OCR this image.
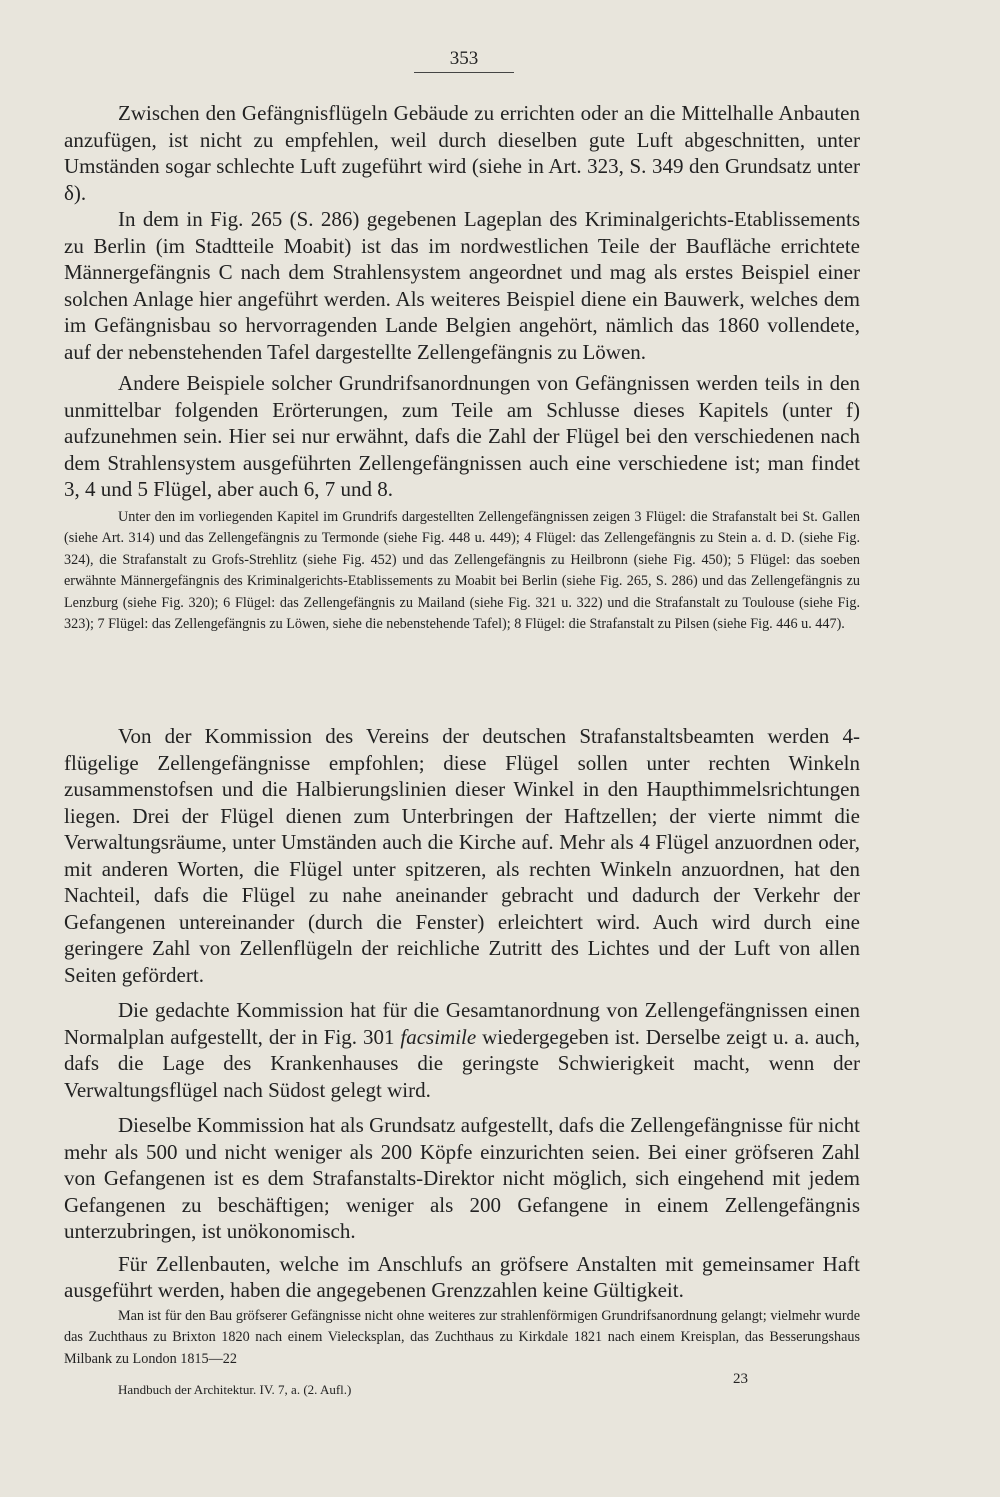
353

Zwischen den Gefängnisflügeln Gebäude zu errichten oder an die Mittelhalle Anbauten anzufügen, ist nicht zu empfehlen, weil durch dieselben gute Luft abgeschnitten, unter Umständen sogar schlechte Luft zugeführt wird (siehe in Art. 323, S. 349 den Grundsatz unter δ).

In dem in Fig. 265 (S. 286) gegebenen Lageplan des Kriminalgerichts-Etablissements zu Berlin (im Stadtteile Moabit) ist das im nordwestlichen Teile der Baufläche errichtete Männergefängnis C nach dem Strahlensystem angeordnet und mag als erstes Beispiel einer solchen Anlage hier angeführt werden. Als weiteres Beispiel diene ein Bauwerk, welches dem im Gefängnisbau so hervorragenden Lande Belgien angehört, nämlich das 1860 vollendete, auf der nebenstehenden Tafel dargestellte Zellengefängnis zu Löwen.

Andere Beispiele solcher Grundrifsanordnungen von Gefängnissen werden teils in den unmittelbar folgenden Erörterungen, zum Teile am Schlusse dieses Kapitels (unter f) aufzunehmen sein. Hier sei nur erwähnt, dafs die Zahl der Flügel bei den verschiedenen nach dem Strahlensystem ausgeführten Zellengefängnissen auch eine verschiedene ist; man findet 3, 4 und 5 Flügel, aber auch 6, 7 und 8.

Unter den im vorliegenden Kapitel im Grundrifs dargestellten Zellengefängnissen zeigen 3 Flügel: die Strafanstalt bei St. Gallen (siehe Art. 314) und das Zellengefängnis zu Termonde (siehe Fig. 448 u. 449); 4 Flügel: das Zellengefängnis zu Stein a. d. D. (siehe Fig. 324), die Strafanstalt zu Grofs-Strehlitz (siehe Fig. 452) und das Zellengefängnis zu Heilbronn (siehe Fig. 450); 5 Flügel: das soeben erwähnte Männergefängnis des Kriminalgerichts-Etablissements zu Moabit bei Berlin (siehe Fig. 265, S. 286) und das Zellengefängnis zu Lenzburg (siehe Fig. 320); 6 Flügel: das Zellengefängnis zu Mailand (siehe Fig. 321 u. 322) und die Strafanstalt zu Toulouse (siehe Fig. 323); 7 Flügel: das Zellengefängnis zu Löwen, siehe die nebenstehende Tafel); 8 Flügel: die Strafanstalt zu Pilsen (siehe Fig. 446 u. 447).

Von der Kommission des Vereins der deutschen Strafanstaltsbeamten werden 4-flügelige Zellengefängnisse empfohlen; diese Flügel sollen unter rechten Winkeln zusammenstofsen und die Halbierungslinien dieser Winkel in den Haupthimmelsrichtungen liegen. Drei der Flügel dienen zum Unterbringen der Haftzellen; der vierte nimmt die Verwaltungsräume, unter Umständen auch die Kirche auf. Mehr als 4 Flügel anzuordnen oder, mit anderen Worten, die Flügel unter spitzeren, als rechten Winkeln anzuordnen, hat den Nachteil, dafs die Flügel zu nahe aneinander gebracht und dadurch der Verkehr der Gefangenen untereinander (durch die Fenster) erleichtert wird. Auch wird durch eine geringere Zahl von Zellenflügeln der reichliche Zutritt des Lichtes und der Luft von allen Seiten gefördert.

Die gedachte Kommission hat für die Gesamtanordnung von Zellengefängnissen einen Normalplan aufgestellt, der in Fig. 301 facsimile wiedergegeben ist. Derselbe zeigt u. a. auch, dafs die Lage des Krankenhauses die geringste Schwierigkeit macht, wenn der Verwaltungsflügel nach Südost gelegt wird.

Dieselbe Kommission hat als Grundsatz aufgestellt, dafs die Zellengefängnisse für nicht mehr als 500 und nicht weniger als 200 Köpfe einzurichten seien. Bei einer gröfseren Zahl von Gefangenen ist es dem Strafanstalts-Direktor nicht möglich, sich eingehend mit jedem Gefangenen zu beschäftigen; weniger als 200 Gefangene in einem Zellengefängnis unterzubringen, ist unökonomisch.

Für Zellenbauten, welche im Anschlufs an gröfsere Anstalten mit gemeinsamer Haft ausgeführt werden, haben die angegebenen Grenzzahlen keine Gültigkeit.

Man ist für den Bau gröfserer Gefängnisse nicht ohne weiteres zur strahlenförmigen Grundrifsanordnung gelangt; vielmehr wurde das Zuchthaus zu Brixton 1820 nach einem Vielecksplan, das Zuchthaus zu Kirkdale 1821 nach einem Kreisplan, das Besserungshaus Milbank zu London 1815—22

23
Handbuch der Architektur. IV. 7, a. (2. Aufl.)
